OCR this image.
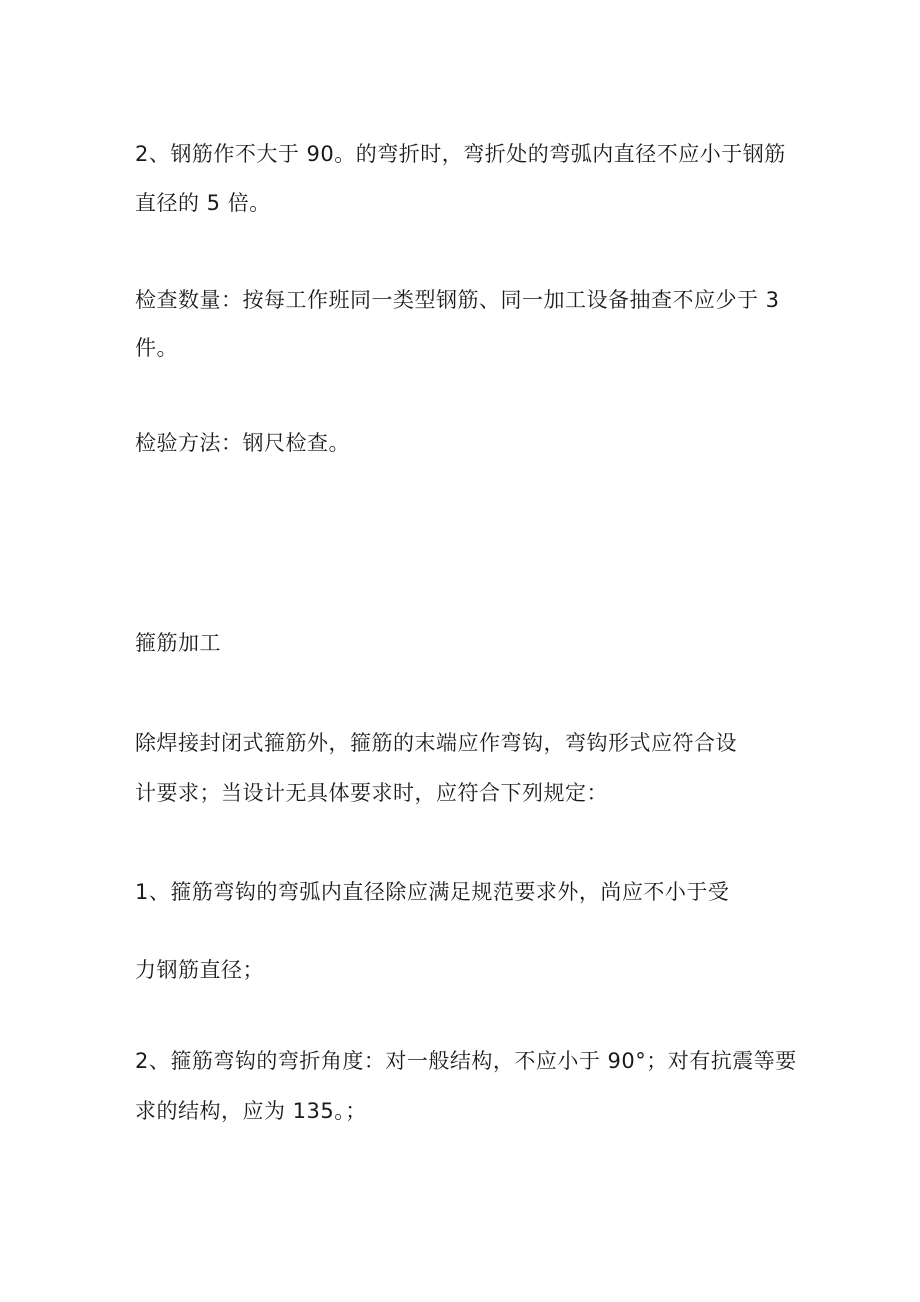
2、钢筋作不大于 90。的弯折时，弯折处的弯弧内直径不应小于钢筋
直径的 5 倍。
检查数量：按每工作班同一类型钢筋、同一加工设备抽查不应少于 3
件。
检验方法：钢尺检查。
箍筋加工
除焊接封闭式箍筋外，箍筋的末端应作弯钩，弯钩形式应符合设
计要求；当设计无具体要求时，应符合下列规定：
1、箍筋弯钩的弯弧内直径除应满足规范要求外，尚应不小于受
力钢筋直径；
2、箍筋弯钩的弯折角度：对一般结构，不应小于 90°；对有抗震等要
求的结构，应为 135。；
